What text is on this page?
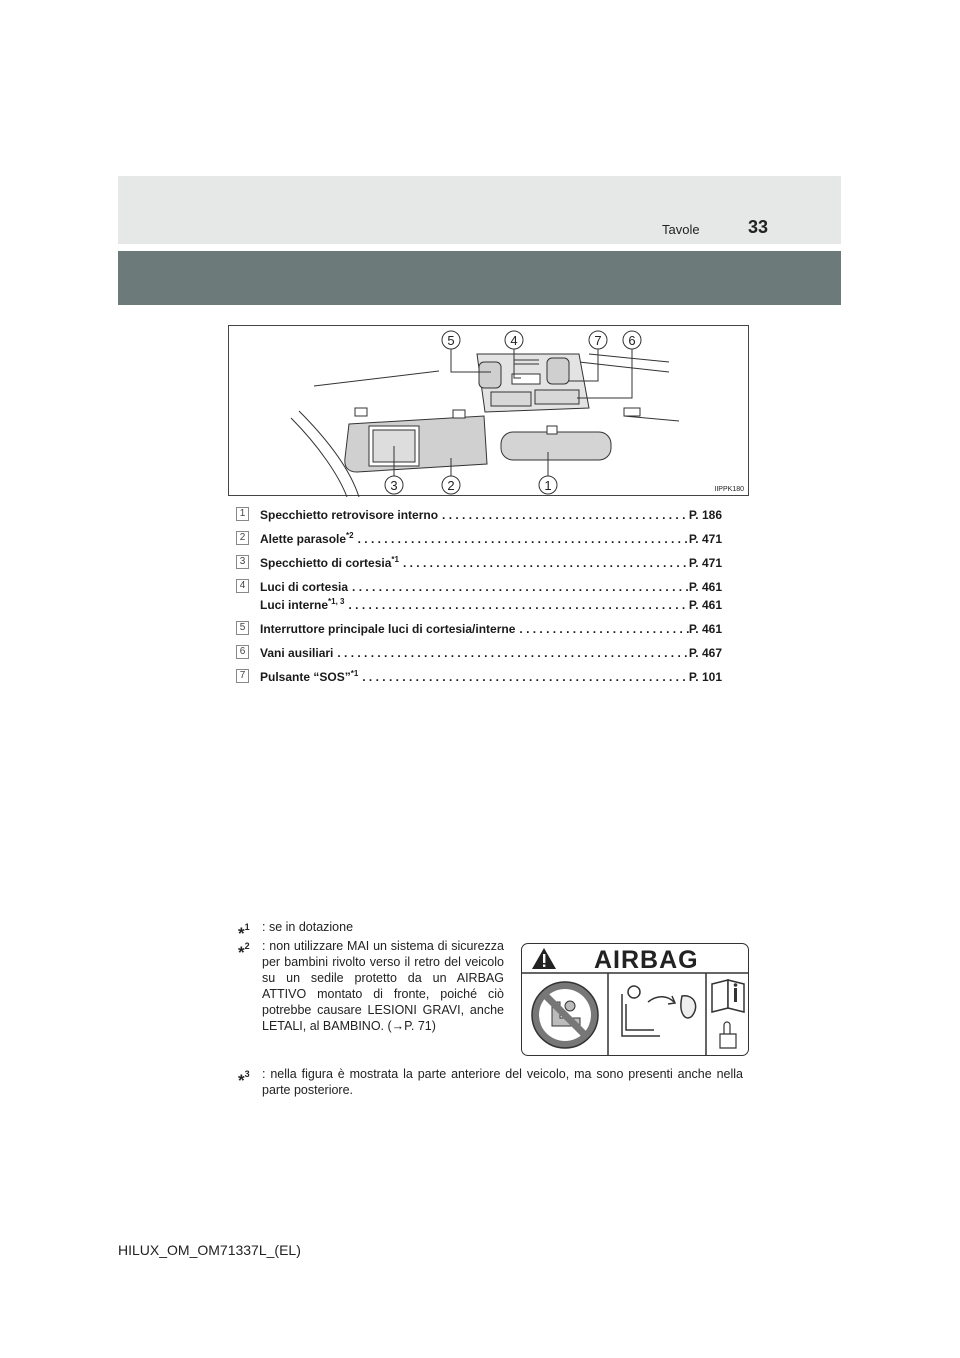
Tavole	33
5	4	7 6
3	2	1	IIPPK180
1	Specchietto retrovisore interno . . .	P. 186
2	Alette parasole$^{*2}$ . . .	P. 471
3	Specchietto di cortesia$^{*1}$ . . .	P. 471
4	Luci di cortesia . . .	P. 461
Luci interne$^{*1, 3}$ . . .	P. 461
5	Interruttore principale luci di cortesia/interne . . .	P. 461
6	Vani ausiliari . . .	P. 467
7	Pulsante “SOS”$^{*1}$ . . .	P. 101
*$^1$ : se in dotazione
*$^2$ : non utilizzare MAI un sistema di sicurezza per bambini rivolto verso il retro del veicolo su un sedile protetto da un AIRBAG ATTIVO montato di fronte, poiché ciò potrebbe causare LESIONI GRAVI, anche LETALI, al BAMBINO. (→P. 71)
*$^3$ : nella figura è mostrata la parte anteriore del veicolo, ma sono presenti anche nella parte posteriore.
AIRBAG
HILUX_OM_OM71337L_(EL)
